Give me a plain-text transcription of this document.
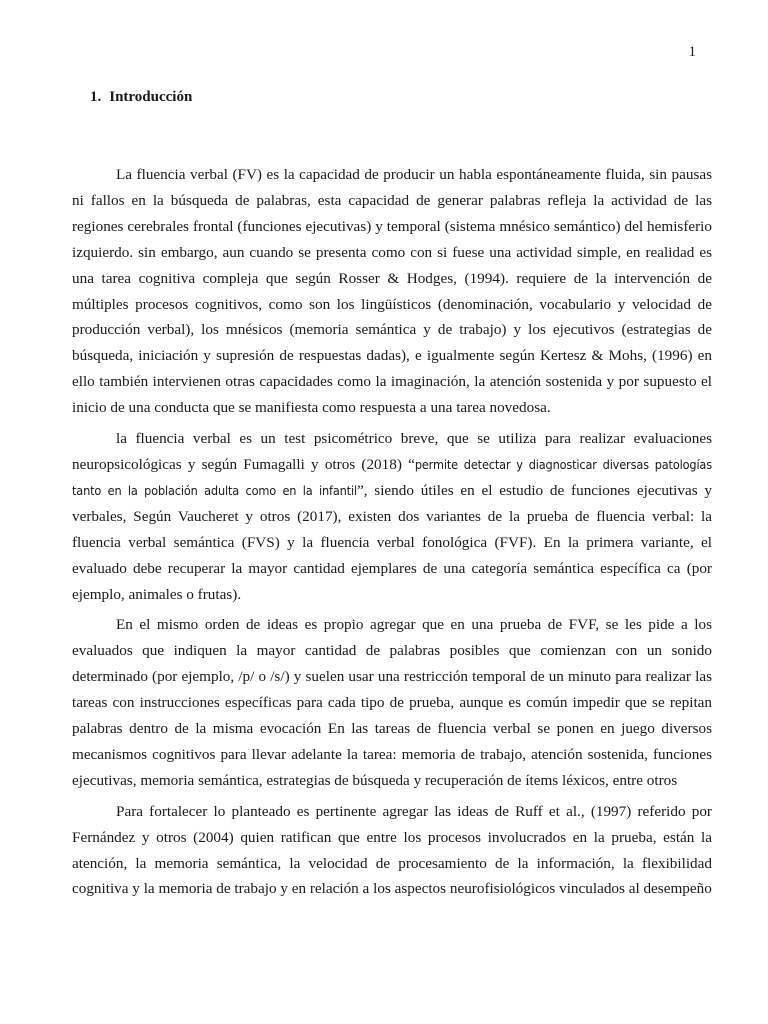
1
1. Introducción

La fluencia verbal (FV) es la capacidad de producir un habla espontáneamente fluida, sin pausas ni fallos en la búsqueda de palabras, esta capacidad de generar palabras refleja la actividad de las regiones cerebrales frontal (funciones ejecutivas) y temporal (sistema mnésico semántico) del hemisferio izquierdo. sin embargo, aun cuando se presenta como con si fuese una actividad simple, en realidad es una tarea cognitiva compleja que según Rosser & Hodges, (1994). requiere de la intervención de múltiples procesos cognitivos, como son los lingüísticos (denominación, vocabulario y velocidad de producción verbal), los mnésicos (memoria semántica y de trabajo) y los ejecutivos (estrategias de búsqueda, iniciación y supresión de respuestas dadas), e igualmente según Kertesz & Mohs, (1996) en ello también intervienen otras capacidades como la imaginación, la atención sostenida y por supuesto el inicio de una conducta que se manifiesta como respuesta a una tarea novedosa.

la fluencia verbal es un test psicométrico breve, que se utiliza para realizar evaluaciones neuropsicológicas y según Fumagalli y otros (2018) “permite detectar y diagnosticar diversas patologías tanto en la población adulta como en la infantil”, siendo útiles en el estudio de funciones ejecutivas y verbales, Según Vaucheret y otros (2017), existen dos variantes de la prueba de fluencia verbal: la fluencia verbal semántica (FVS) y la fluencia verbal fonológica (FVF). En la primera variante, el evaluado debe recuperar la mayor cantidad ejemplares de una categoría semántica específica ca (por ejemplo, animales o frutas).

En el mismo orden de ideas es propio agregar que en una prueba de FVF, se les pide a los evaluados que indiquen la mayor cantidad de palabras posibles que comienzan con un sonido determinado (por ejemplo, /p/ o /s/) y suelen usar una restricción temporal de un minuto para realizar las tareas con instrucciones específicas para cada tipo de prueba, aunque es común impedir que se repitan palabras dentro de la misma evocación En las tareas de fluencia verbal se ponen en juego diversos mecanismos cognitivos para llevar adelante la tarea: memoria de trabajo, atención sostenida, funciones ejecutivas, memoria semántica, estrategias de búsqueda y recuperación de ítems léxicos, entre otros

Para fortalecer lo planteado es pertinente agregar las ideas de Ruff et al., (1997) referido por Fernández y otros (2004) quien ratifican que entre los procesos involucrados en la prueba, están la atención, la memoria semántica, la velocidad de procesamiento de la información, la flexibilidad cognitiva y la memoria de trabajo y en relación a los aspectos neurofisiológicos vinculados al desempeño
